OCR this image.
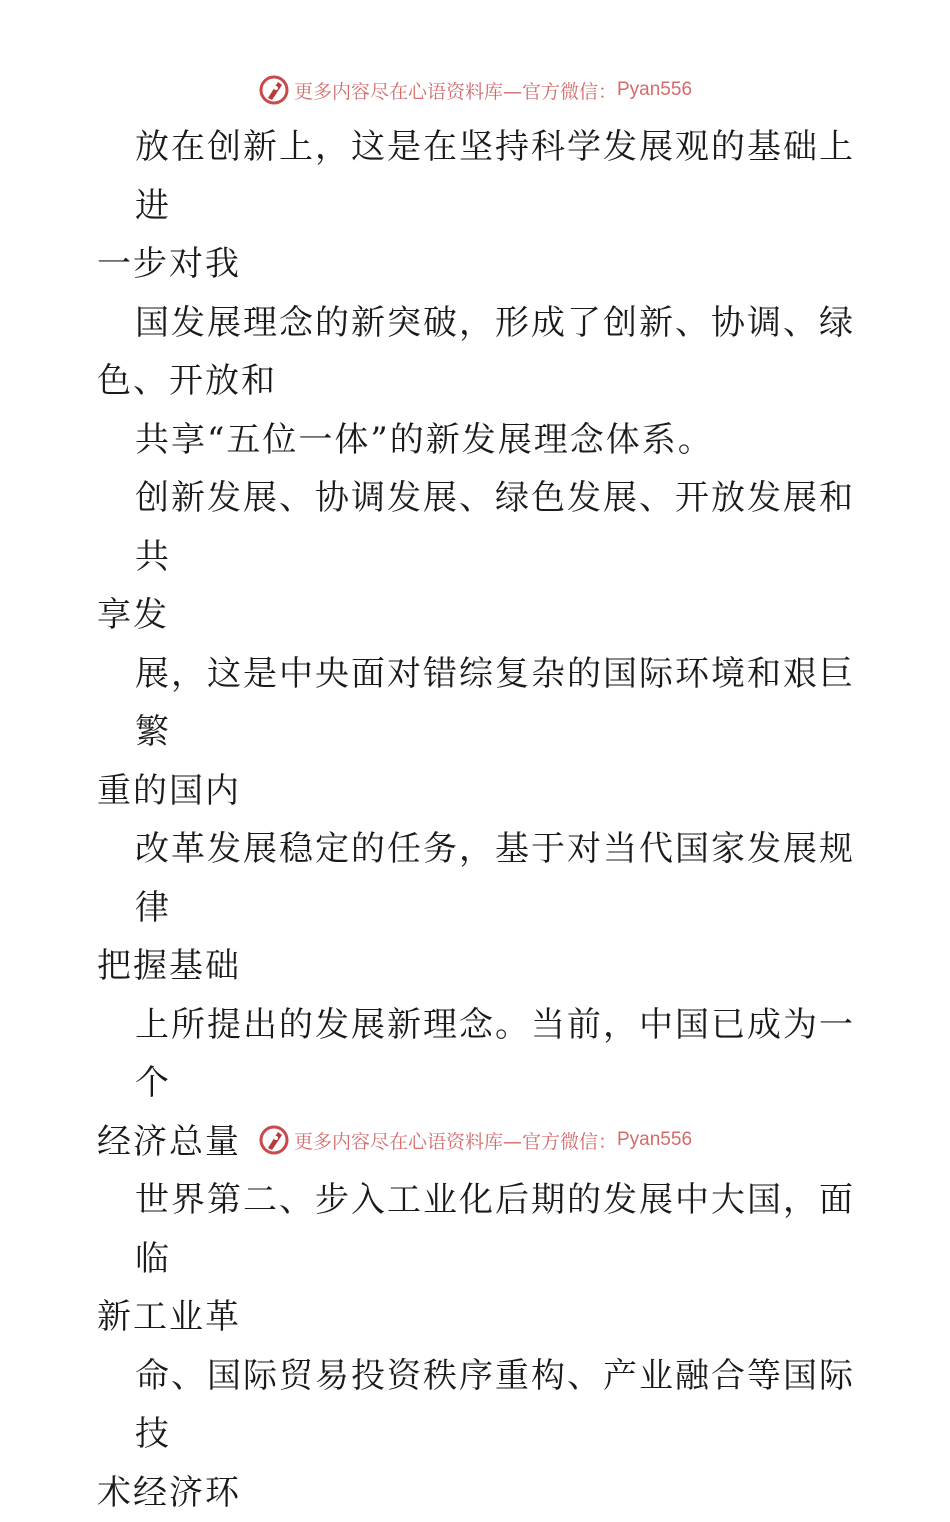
更多内容尽在心语资料库—官方微信： Pyan556

放在创新上，这是在坚持科学发展观的基础上进
一步对我

国发展理念的新突破，形成了创新、协调、绿
色、开放和

共享“五位一体”的新发展理念体系。

创新发展、协调发展、绿色发展、开放发展和共
享发

展，这是中央面对错综复杂的国际环境和艰巨繁
重的国内

改革发展稳定的任务，基于对当代国家发展规律
把握基础

上所提出的发展新理念。当前，中国已成为一个
经济总量

世界第二、步入工业化后期的发展中大国，面临
新工业革

命、国际贸易投资秩序重构、产业融合等国际技
术经济环

更多内容尽在心语资料库—官方微信： Pyan556
